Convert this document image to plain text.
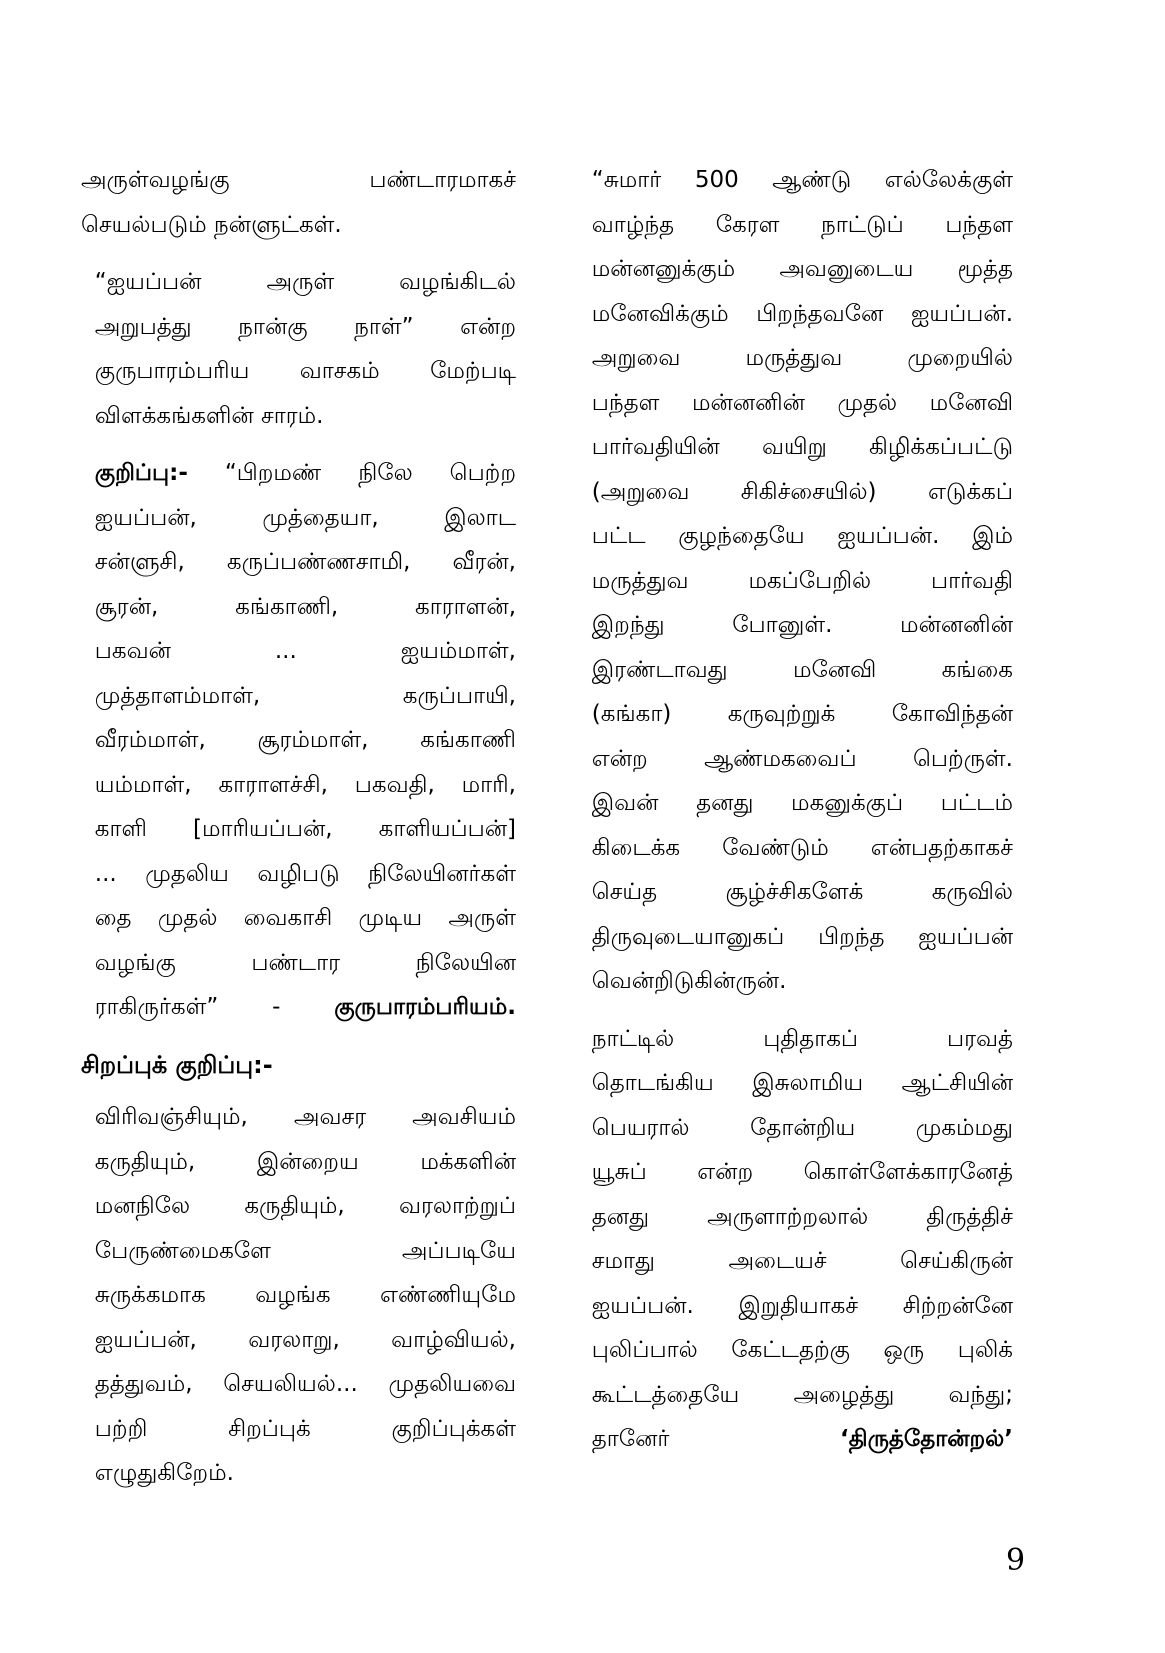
அருள்வழங்கு பண்டாரமாகச்
செயல்படும் நன்ளுட்கள்.
“ஐயப்பன் அருள் வழங்கிடல்
அறுபத்து நான்கு நாள்” என்ற
குருபாரம்பரிய வாசகம் மேற்படி
விளக்கங்களின் சாரம்.
குறிப்பு:- “பிறமண் நிலே பெற்ற
ஐயப்பன், முத்தையா, இலாட
சன்ளுசி, கருப்பண்ணசாமி, வீரன்,
சூரன், கங்காணி, காராளன்,
பகவன் ... ஐயம்மாள்,
முத்தாளம்மாள், கருப்பாயி,
வீரம்மாள், சூரம்மாள், கங்காணி
யம்மாள், காராளச்சி, பகவதி, மாரி,
காளி [மாரியப்பன், காளியப்பன்]
... முதலிய வழிபடு நிலேயினர்கள்
தை முதல் வைகாசி முடிய அருள்
வழங்கு பண்டார நிலேயின
ராகிருர்கள்” - குருபாரம்பரியம்.
சிறப்புக் குறிப்பு:-
விரிவஞ்சியும், அவசர அவசியம்
கருதியும், இன்றைய மக்களின்
மனநிலே கருதியும், வரலாற்றுப்
பேருண்மைகளே அப்படியே
சுருக்கமாக வழங்க எண்ணியுமே
ஐயப்பன், வரலாறு, வாழ்வியல்,
தத்துவம், செயலியல்... முதலியவை
பற்றி சிறப்புக் குறிப்புக்கள்
எழுதுகிறேம்.
“சுமார் 500 ஆண்டு எல்லேக்குள்
வாழ்ந்த கேரள நாட்டுப் பந்தள
மன்னனுக்கும் அவனுடைய மூத்த
மனேவிக்கும் பிறந்தவனே ஐயப்பன்.
அறுவை மருத்துவ முறையில்
பந்தள மன்னனின் முதல் மனேவி
பார்வதியின் வயிறு கிழிக்கப்பட்டு
(அறுவை சிகிச்சையில்) எடுக்கப்
பட்ட குழந்தையே ஐயப்பன். இம்
மருத்துவ மகப்பேறில் பார்வதி
இறந்து போனுள். மன்னனின்
இரண்டாவது மனேவி கங்கை
(கங்கா) கருவுற்றுக் கோவிந்தன்
என்ற ஆண்மகவைப் பெற்ருள்.
இவன் தனது மகனுக்குப் பட்டம்
கிடைக்க வேண்டும் என்பதற்காகச்
செய்த சூழ்ச்சிகளேக் கருவில்
திருவுடையானுகப் பிறந்த ஐயப்பன்
வென்றிடுகின்ருன்.
நாட்டில் புதிதாகப் பரவத்
தொடங்கிய இசுலாமிய ஆட்சியின்
பெயரால் தோன்றிய முகம்மது
யூசுப் என்ற கொள்ளேக்காரனேத்
தனது அருளாற்றலால் திருத்திச்
சமாது அடையச் செய்கிருன்
ஐயப்பன். இறுதியாகச் சிற்றன்னே
புலிப்பால் கேட்டதற்கு ஒரு புலிக்
கூட்டத்தையே அழைத்து வந்து;
தானேர்	‘திருத்தோன்றல்’
9
